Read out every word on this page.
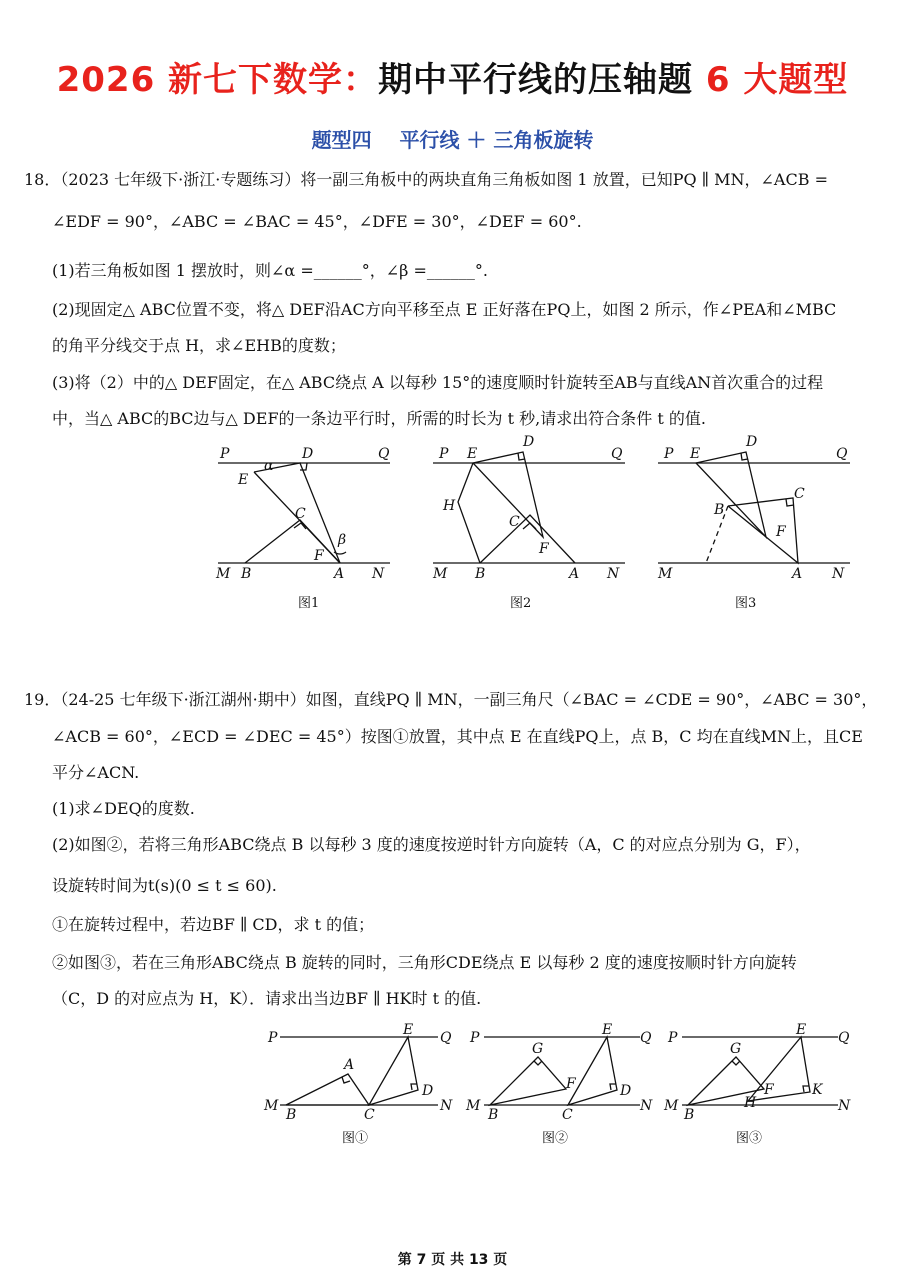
2026 新七下数学：期中平行线的压轴题 6 大题型
题型四    平行线 ＋ 三角板旋转
18．（2023 七年级下·浙江·专题练习）将一副三角板中的两块直角三角板如图 1 放置，已知PQ ∥ MN，∠ACB =
∠EDF = 90°，∠ABC = ∠BAC = 45°，∠DFE = 30°，∠DEF = 60°.
(1)若三角板如图 1 摆放时，则∠α =______°，∠β =______°.
(2)现固定△ ABC位置不变，将△ DEF沿AC方向平移至点 E 正好落在PQ上，如图 2 所示，作∠PEA和∠MBC
的角平分线交于点 H，求∠EHB的度数；
(3)将（2）中的△ DEF固定，在△ ABC绕点 A 以每秒 15°的速度顺时针旋转至AB与直线AN首次重合的过程
中，当△ ABC的BC边与△ DEF的一条边平行时，所需的时长为 t 秒,请求出符合条件 t 的值.
P	D	Q
α
E
C
β
F
M B	A N
图1
P E
D
Q
H
C
F
M B	A N
图2
P E
D
Q
C
B
F
M	A N
图3
19．（24-25 七年级下·浙江湖州·期中）如图，直线PQ ∥ MN，一副三角尺（∠BAC = ∠CDE = 90°，∠ABC = 30°，
∠ACB = 60°，∠ECD = ∠DEC = 45°）按图①放置，其中点 E 在直线PQ上，点 B，C 均在直线MN上，且CE
平分∠ACN.
(1)求∠DEQ的度数.
(2)如图②，若将三角形ABC绕点 B 以每秒 3 度的速度按逆时针方向旋转（A，C 的对应点分别为 G，F），
设旋转时间为t(s)(0 ≤ t ≤ 60).
①在旋转过程中，若边BF ∥ CD，求 t 的值；
②如图③，若在三角形ABC绕点 B 旋转的同时，三角形CDE绕点 E 以每秒 2 度的速度按顺时针方向旋转
（C，D 的对应点为 H，K）．请求出当边BF ∥ HK时 t 的值.
P	E Q
A
D
M
B	C
N
图①
P	E Q
G
F	D
M
B	C
N
图②
P	E Q
G
F
H
K
M
B
N
图③
第 7 页 共 13 页
